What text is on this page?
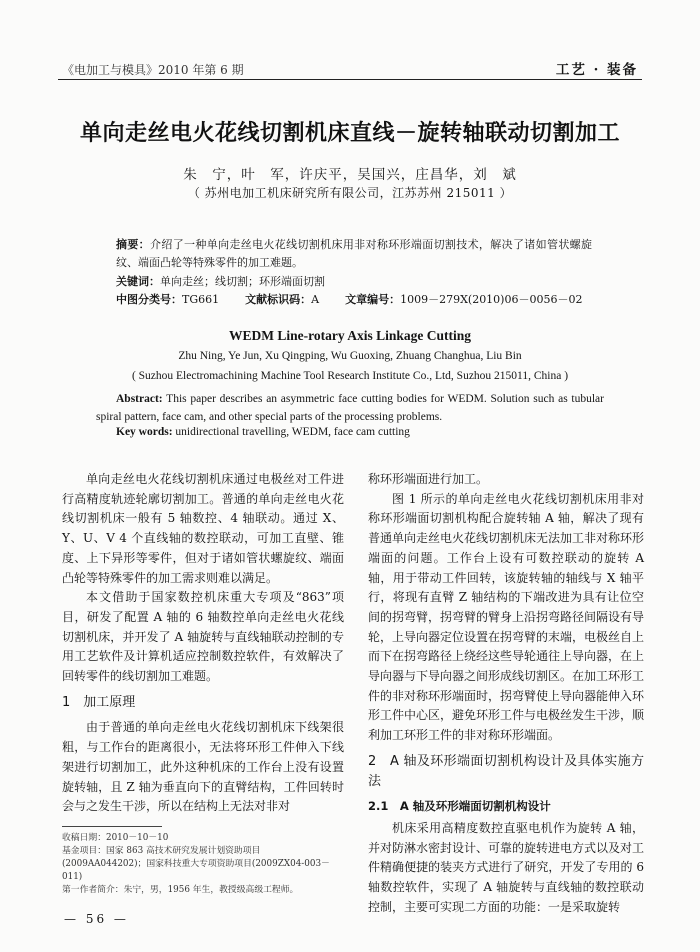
《电加工与模具》2010 年第 6 期	工艺 · 装备
单向走丝电火花线切割机床直线－旋转轴联动切割加工
朱　宁，叶　军，许庆平，吴国兴，庄昌华，刘　斌
（ 苏州电加工机床研究所有限公司，江苏苏州 215011 ）
摘要：介绍了一种单向走丝电火花线切割机床用非对称环形端面切割技术，解决了诸如管状螺旋纹、端面凸轮等特殊零件的加工难题。
关键词：单向走丝；线切割；环形端面切割
中图分类号：TG661 文献标识码：A 文章编号：1009－279X(2010)06－0056－02
WEDM Line-rotary Axis Linkage Cutting
Zhu Ning, Ye Jun, Xu Qingping, Wu Guoxing, Zhuang Changhua, Liu Bin
( Suzhou Electromachining Machine Tool Research Institute Co., Ltd, Suzhou 215011, China )
Abstract: This paper describes an asymmetric face cutting bodies for WEDM. Solution such as tubular spiral pattern, face cam, and other special parts of the processing problems.
Key words: unidirectional travelling, WEDM, face cam cutting

单向走丝电火花线切割机床通过电极丝对工件进行高精度轨迹轮廓切割加工。普通的单向走丝电火花线切割机床一般有 5 轴数控、4 轴联动。通过 X、Y、U、V 4 个直线轴的数控联动，可加工直壁、锥度、上下异形等零件，但对于诸如管状螺旋纹、端面凸轮等特殊零件的加工需求则难以满足。

本文借助于国家数控机床重大专项及“863”项目，研发了配置 A 轴的 6 轴数控单向走丝电火花线切割机床，并开发了 A 轴旋转与直线轴联动控制的专用工艺软件及计算机适应控制数控软件，有效解决了回转零件的线切割加工难题。

1　加工原理

由于普通的单向走丝电火花线切割机床下线架很粗，与工作台的距离很小，无法将环形工件伸入下线架进行切割加工，此外这种机床的工作台上没有设置旋转轴，且 Z 轴为垂直向下的直臂结构，工件回转时会与之发生干涉，所以在结构上无法对非对

称环形端面进行加工。

图 1 所示的单向走丝电火花线切割机床用非对称环形端面切割机构配合旋转轴 A 轴，解决了现有普通单向走丝电火花线切割机床无法加工非对称环形端面的问题。工作台上设有可数控联动的旋转 A 轴，用于带动工件回转，该旋转轴的轴线与 X 轴平行，将现有直臂 Z 轴结构的下端改进为具有让位空间的拐弯臂，拐弯臂的臂身上沿拐弯路径间隔设有导轮，上导向器定位设置在拐弯臂的末端，电极丝自上而下在拐弯路径上绕经这些导轮通往上导向器，在上导向器与下导向器之间形成线切割区。在加工环形工件的非对称环形端面时，拐弯臂使上导向器能伸入环形工件中心区，避免环形工件与电极丝发生干涉，顺利加工环形工件的非对称环形端面。

2　A 轴及环形端面切割机构设计及具体实施方法

2.1　A 轴及环形端面切割机构设计

机床采用高精度数控直驱电机作为旋转 A 轴，并对防淋水密封设计、可靠的旋转进电方式以及对工件精确便捷的装夹方式进行了研究，开发了专用的 6 轴数控软件，实现了 A 轴旋转与直线轴的数控联动控制，主要可实现二方面的功能：一是采取旋转

收稿日期：2010－10－10
基金项目：国家 863 高技术研究发展计划资助项目(2009AA044202)；国家科技重大专项资助项目(2009ZX04-003－011)
第一作者简介：朱宁，男，1956 年生，教授级高级工程师。
— 56 —
